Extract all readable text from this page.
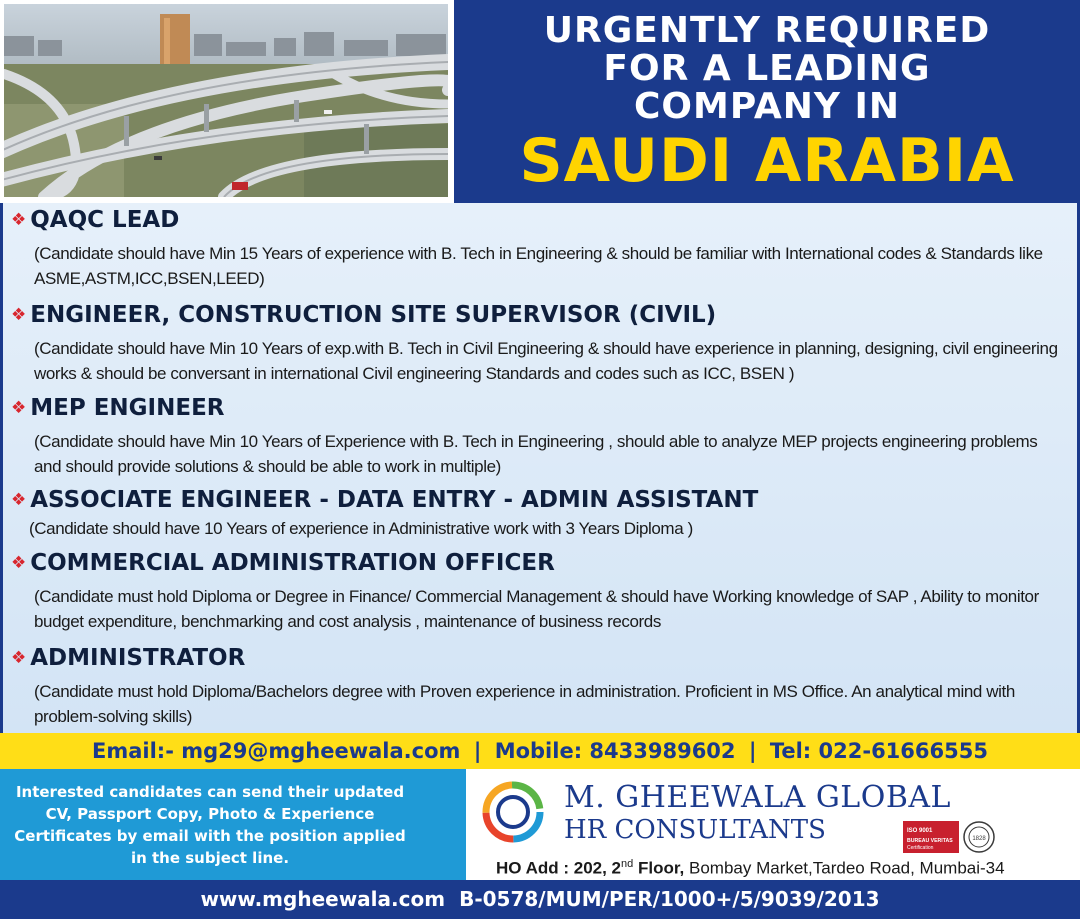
URGENTLY REQUIRED
FOR A LEADING
COMPANY IN
SAUDI ARABIA
❖ QAQC LEAD
(Candidate should have Min 15 Years of experience with B. Tech in Engineering & should be familiar with International codes & Standards like ASME,ASTM,ICC,BSEN,LEED)
❖ ENGINEER, CONSTRUCTION SITE SUPERVISOR (CIVIL)
(Candidate should have Min 10 Years of exp.with B. Tech in Civil Engineering & should have experience in planning, designing, civil engineering works & should be conversant in international Civil engineering Standards and codes such as ICC, BSEN )
❖ MEP ENGINEER
(Candidate should have Min 10 Years of Experience with B. Tech in Engineering , should able to analyze MEP projects engineering problems and should provide solutions & should be able to work in multiple)
❖ ASSOCIATE ENGINEER - DATA ENTRY - ADMIN ASSISTANT
(Candidate should have 10 Years of experience in Administrative work with 3 Years Diploma )
❖ COMMERCIAL ADMINISTRATION OFFICER
(Candidate must hold Diploma or Degree in Finance/ Commercial Management & should have Working knowledge of SAP , Ability to monitor budget expenditure, benchmarking and cost analysis , maintenance of business records
❖ ADMINISTRATOR
(Candidate must hold Diploma/Bachelors degree with Proven experience in administration. Proficient in MS Office. An analytical mind with problem-solving skills)
Email:- mg29@mgheewala.com | Mobile: 8433989602 | Tel: 022-61666555
Interested candidates can send their updated CV, Passport Copy, Photo & Experience Certificates by email with the position applied in the subject line.
M. GHEEWALA GLOBAL
HR CONSULTANTS	ISO 9001
BUREAU VERITAS
Certification
1828
HO Add : 202, 2nd Floor, Bombay Market,Tardeo Road, Mumbai-34
www.mgheewala.com B-0578/MUM/PER/1000+/5/9039/2013
